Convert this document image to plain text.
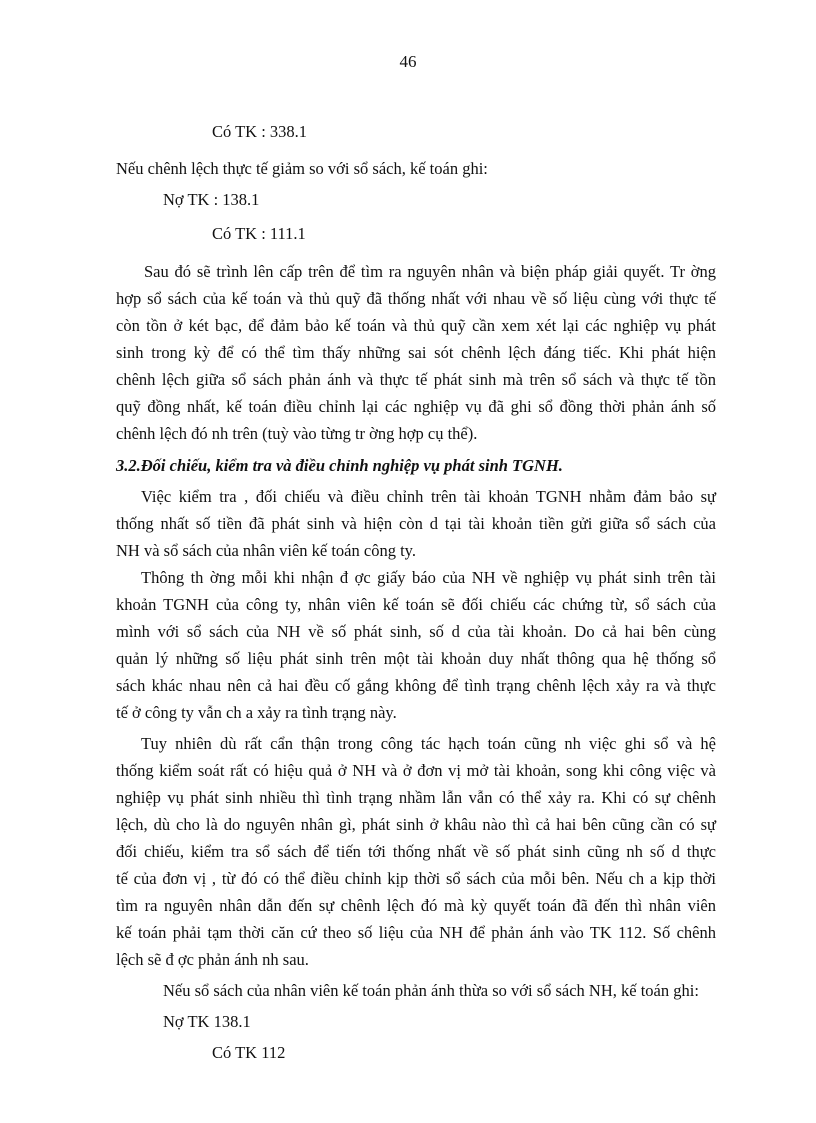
46
Có TK : 338.1
Nếu chênh lệch thực tế giảm so với sổ sách, kế toán ghi:
Nợ TK : 138.1
Có TK : 111.1
Sau đó sẽ trình lên cấp trên để tìm ra nguyên nhân và biện pháp giải quyết. Tr ờng
hợp sổ sách của kế toán và thủ quỹ đã thống nhất với nhau về số liệu cùng với thực tế
còn tồn ở két bạc, để đảm bảo kế toán và thủ quỹ cần xem xét lại các nghiệp vụ phát
sinh trong kỳ để có thể tìm thấy những sai sót chênh lệch đáng tiếc. Khi phát hiện
chênh lệch giữa sổ sách phản ánh và thực tế phát sinh mà trên sổ sách và thực tế tồn
quỹ đồng nhất, kế toán điều chỉnh lại các nghiệp vụ đã ghi sổ đồng thời phản ánh số
chênh lệch đó nh trên (tuỳ vào từng tr ờng hợp cụ thể).
3.2.Đối chiếu, kiểm tra và điều chỉnh nghiệp vụ phát sinh TGNH.
Việc kiểm tra , đối chiếu và điều chỉnh trên tài khoản TGNH nhằm đảm bảo sự
thống nhất số tiền đã phát sinh và hiện còn d tại tài khoản tiền gửi giữa sổ sách của
NH và sổ sách của nhân viên kế toán công ty.
Thông th ờng mỗi khi nhận đ ợc giấy báo của NH về nghiệp vụ phát sinh trên tài
khoản TGNH của công ty, nhân viên kế toán sẽ đối chiếu các chứng từ, sổ sách của
mình với sổ sách của NH về số phát sinh, số d của tài khoản. Do cả hai bên cùng
quản lý những số liệu phát sinh trên một tài khoản duy nhất thông qua hệ thống sổ
sách khác nhau nên cả hai đều cố gắng không để tình trạng chênh lệch xảy ra và thực
tế ở công ty vẫn ch a xảy ra tình trạng này.
Tuy nhiên dù rất cẩn thận trong công tác hạch toán cũng nh việc ghi sổ và hệ
thống kiểm soát rất có hiệu quả ở NH và ở đơn vị mở tài khoản, song khi công việc và
nghiệp vụ phát sinh nhiều thì tình trạng nhầm lẫn vẫn có thể xảy ra. Khi có sự chênh
lệch, dù cho là do nguyên nhân gì, phát sinh ở khâu nào thì cả hai bên cũng cần có sự
đối chiếu, kiểm tra sổ sách để tiến tới thống nhất về số phát sinh cũng nh số d thực
tế của đơn vị , từ đó có thể điều chỉnh kịp thời sổ sách của mỗi bên. Nếu ch a kịp thời
tìm ra nguyên nhân dẫn đến sự chênh lệch đó mà kỳ quyết toán đã đến thì nhân viên
kế toán phải tạm thời căn cứ theo số liệu của NH để phản ánh vào TK 112. Số chênh
lệch sẽ đ ợc phản ánh nh sau.
Nếu sổ sách của nhân viên kế toán phản ánh thừa so với sổ sách NH, kế toán ghi:
Nợ TK 138.1
Có TK 112
